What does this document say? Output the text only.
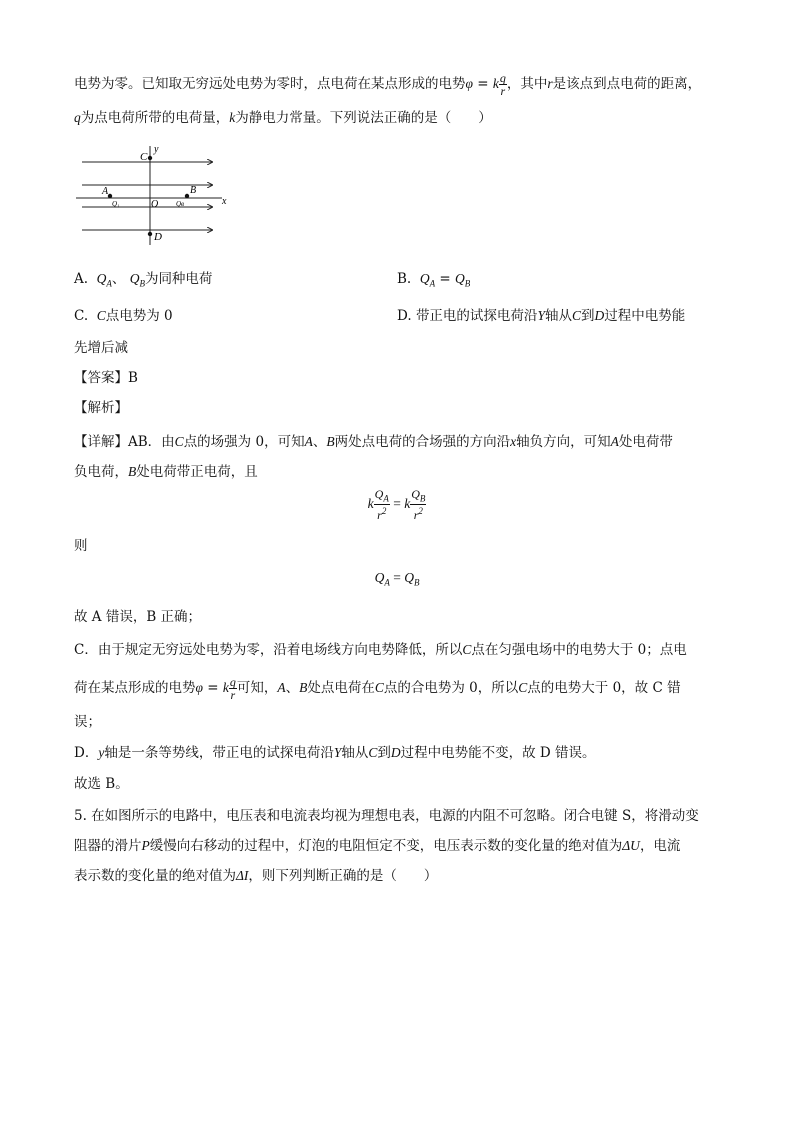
电势为零。已知取无穷远处电势为零时，点电荷在某点形成的电势φ = k $\frac{q}{r}$ ，其中r是该点到点电荷的距离，
q为点电荷所带的电荷量，k为静电力常量。下列说法正确的是（　　）
C
y
A	B
Q₁	O	Qв	x
D
A. $Q_A$、 $Q_B$为同种电荷	B. $Q_A = Q_B$
C. C点电势为 0	D. 带正电的试探电荷沿Y轴从C到D过程中电势能
先增后减
【答案】B
【解析】
【详解】AB．由C点的场强为 0，可知A、B两处点电荷的合场强的方向沿x轴负方向，可知A处电荷带
负电荷，B处电荷带正电荷，且
k $\frac{Q_A}{r^2} = k \frac{Q_B}{r^2}$
则
$Q_A = Q_B$
故 A 错误，B 正确；
C．由于规定无穷远处电势为零，沿着电场线方向电势降低，所以C点在匀强电场中的电势大于 0；点电
荷在某点形成的电势φ = k $\frac{q}{r}$ 可知，A、B处点电荷在C点的合电势为 0，所以C点的电势大于 0，故 C 错
误；
D．y轴是一条等势线，带正电的试探电荷沿Y轴从C到D过程中电势能不变，故 D 错误。
故选 B。
5. 在如图所示的电路中，电压表和电流表均视为理想电表，电源的内阻不可忽略。闭合电键 S，将滑动变
阻器的滑片P缓慢向右移动的过程中，灯泡的电阻恒定不变，电压表示数的变化量的绝对值为ΔU，电流
表示数的变化量的绝对值为ΔI，则下列判断正确的是（　　）
